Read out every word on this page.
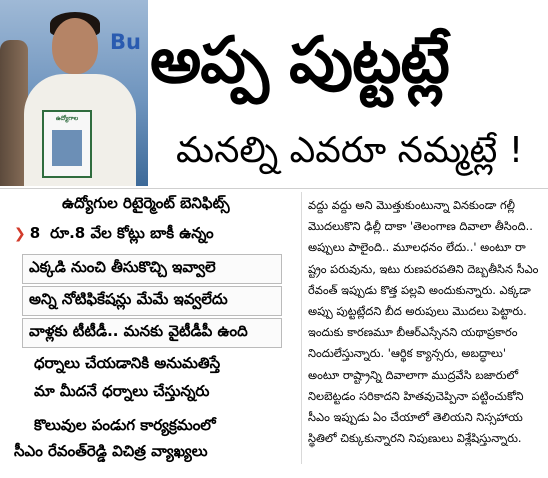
Bu
ఉద్యోగాల
అప్ప పుట్టట్లే
మనల్ని ఎవరూ నమ్మట్లే !
ఉద్యోగుల రిటైర్మెంట్ బెనిఫిట్స్
❯ 8 రూ.8 వేల కోట్లు బాకీ ఉన్నం
ఎక్కడి నుంచి తీసుకొచ్చి ఇవ్వాలె
అన్ని నోటిఫికేషన్లు మేమే ఇవ్వలేదు
వాళ్లకు టీటీడీ.. మనకు వైటీడీపీ ఉంది
ధర్నాలు చేయడానికి అనుమతిస్తే
మా మీదనే ధర్నాలు చేస్తున్నరు
కొలువుల పండుగ కార్యక్రమంలో
సీఎం రేవంత్‌రెడ్డి విచిత్ర వ్యాఖ్యలు
వద్దు వద్దు అని మొత్తుకుంటున్నా వినకుండా గల్లీ
మొదలుకొని ఢిల్లీ దాకా 'తెలంగాణ దివాలా తీసింది..
అప్పులు పాలైంది.. మూలధనం లేదు..' అంటూ రా
ష్ట్రం పరువును, ఇటు రుణపరపతిని దెబ్బతీసిన సీఎం
రేవంత్ ఇప్పుడు కొత్త పల్లవి అందుకున్నారు. ఎక్కడా
అప్పు పుట్టట్లేదని బీద అరుపులు మొదలు పెట్టారు.
ఇందుకు కారణమూ బీఆర్ఎస్సేనని యథాప్రకారం
నిందులేస్తున్నారు. 'ఆర్థిక క్యాన్సరు, అబద్ధాలు'
అంటూ రాష్ట్రాన్ని దివాలాగా ముద్రవేసి బజారులో
నిలబెట్టడం సరికాదని హితవుచెప్పినా పట్టించుకోని
సీఎం ఇప్పుడు ఏం చేయాలో తెలియని నిస్సహాయ
స్థితిలో చిక్కుకున్నారని నిపుణులు విశ్లేషిస్తున్నారు.
